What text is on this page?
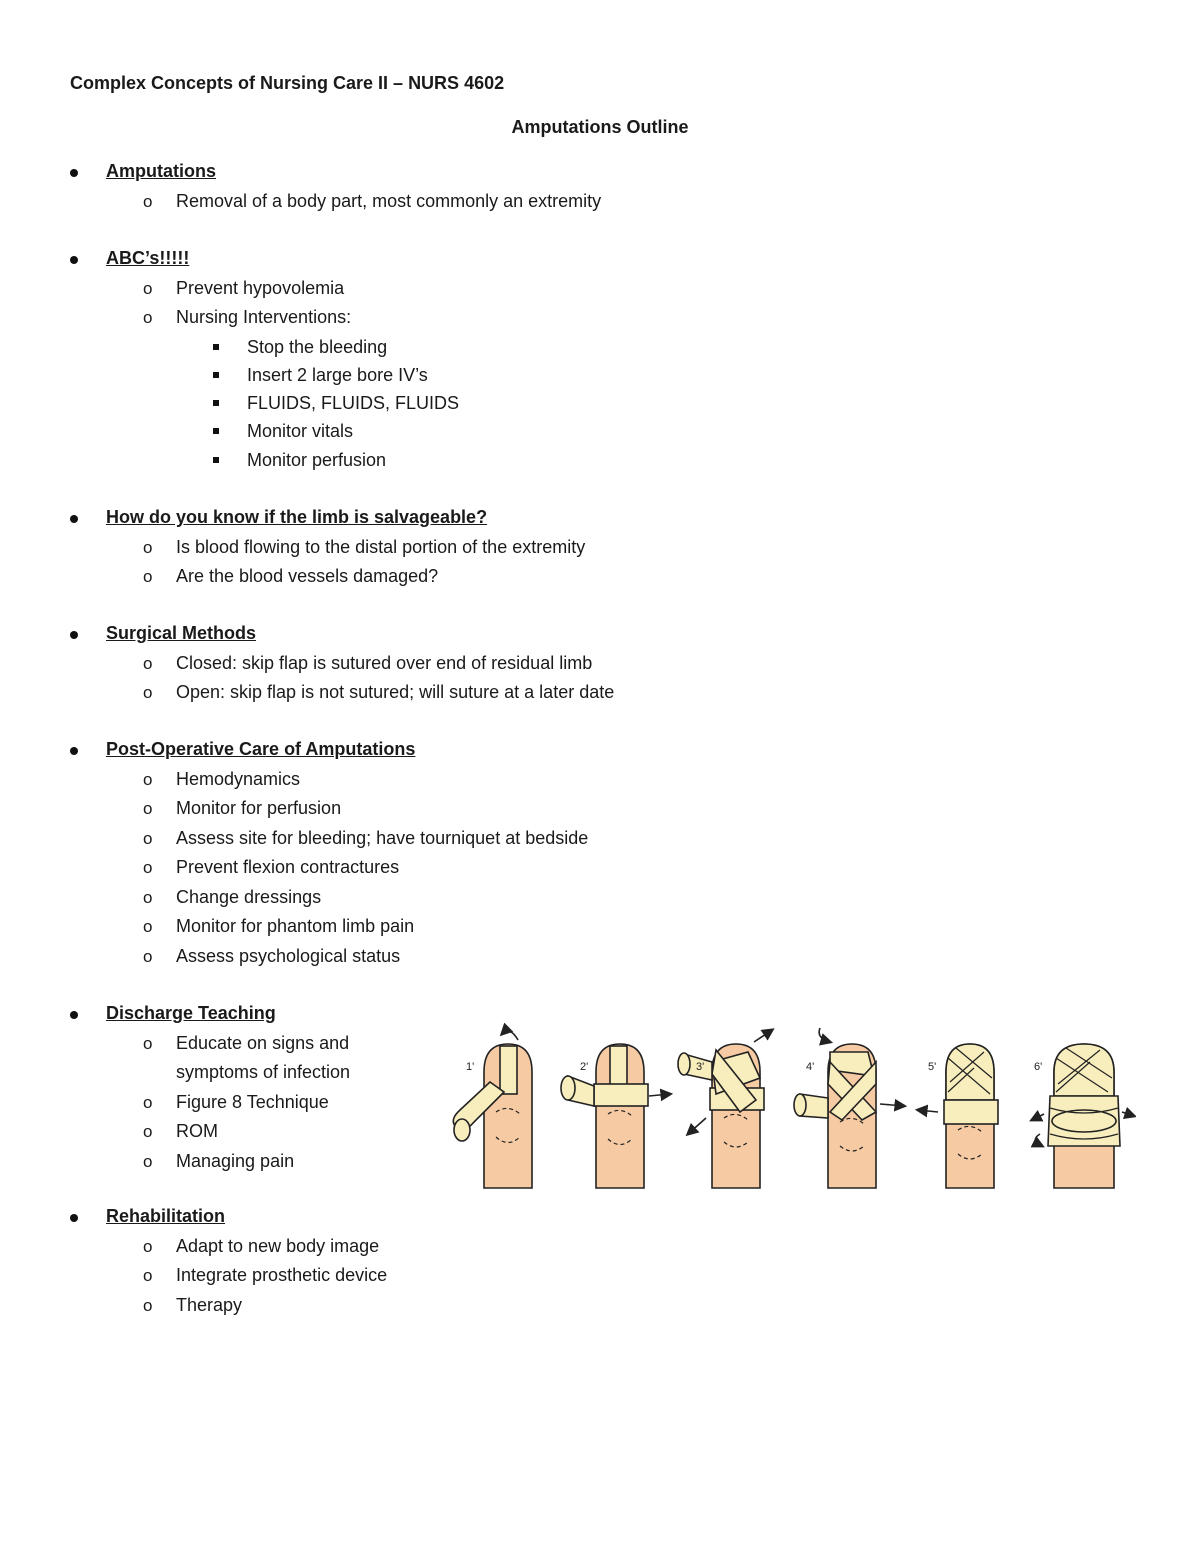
Complex Concepts of Nursing Care II – NURS 4602
Amputations Outline
Amputations
o Removal of a body part, most commonly an extremity
ABC’s!!!!!
o Prevent hypovolemia
o Nursing Interventions:
Stop the bleeding
Insert 2 large bore IV’s
FLUIDS, FLUIDS, FLUIDS
Monitor vitals
Monitor perfusion
How do you know if the limb is salvageable?
o Is blood flowing to the distal portion of the extremity
o Are the blood vessels damaged?
Surgical Methods
o Closed: skip flap is sutured over end of residual limb
o Open: skip flap is not sutured; will suture at a later date
Post-Operative Care of Amputations
o Hemodynamics
o Monitor for perfusion
o Assess site for bleeding; have tourniquet at bedside
o Prevent flexion contractures
o Change dressings
o Monitor for phantom limb pain
o Assess psychological status
Discharge Teaching
o Educate on signs and
symptoms of infection
o Figure 8 Technique
o ROM
o Managing pain
Rehabilitation
o Adapt to new body image
o Integrate prosthetic device
o Therapy
1'	2'	3'	4'	5'	6'
